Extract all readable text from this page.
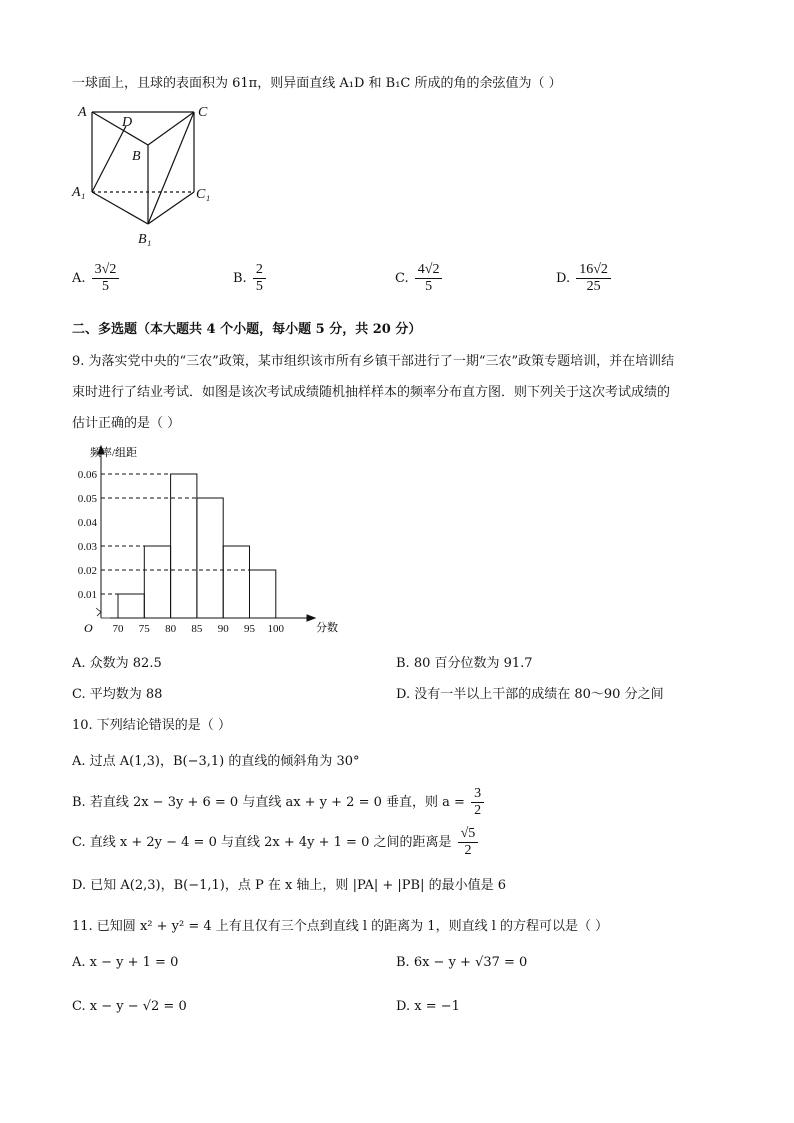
一球面上，且球的表面积为 61π，则异面直线 A₁D 和 B₁C 所成的角的余弦值为（ ）
A	C
D
B
A₁	C₁
B₁
A. $\frac{3√2}{5}$	B. $\frac{2}{5}$	C. $\frac{4√2}{5}$	D. $\frac{16√2}{25}$
二、多选题（本大题共 4 个小题，每小题 5 分，共 20 分）
9. 为落实党中央的“三农”政策，某市组织该市所有乡镇干部进行了一期“三农”政策专题培训，并在培训结
束时进行了结业考试．如图是该次考试成绩随机抽样样本的频率分布直方图．则下列关于这次考试成绩的
估计正确的是（ ）
0.01
0.02
0.03
0.04
0.05
0.06
70 75 80 85 90 95 100
频率/组距
分数
O
A. 众数为 82.5	B. 80 百分位数为 91.7
C. 平均数为 88	D. 没有一半以上干部的成绩在 80～90 分之间
10. 下列结论错误的是（ ）
A. 过点 A(1,3)，B(−3,1) 的直线的倾斜角为 30°
B. 若直线 2x − 3y + 6 = 0 与直线 ax + y + 2 = 0 垂直，则 $a = \frac{3}{2}$
C. 直线 x + 2y − 4 = 0 与直线 2x + 4y + 1 = 0 之间的距离是 $\frac{√5}{2}$
D. 已知 A(2,3)，B(−1,1)，点 P 在 x 轴上，则 |PA| + |PB| 的最小值是 6
11. 已知圆 x² + y² = 4 上有且仅有三个点到直线 l 的距离为 1，则直线 l 的方程可以是（ ）
A. x − y + 1 = 0	B. 6x − y + √37 = 0
C. x − y − √2 = 0	D. x = −1
